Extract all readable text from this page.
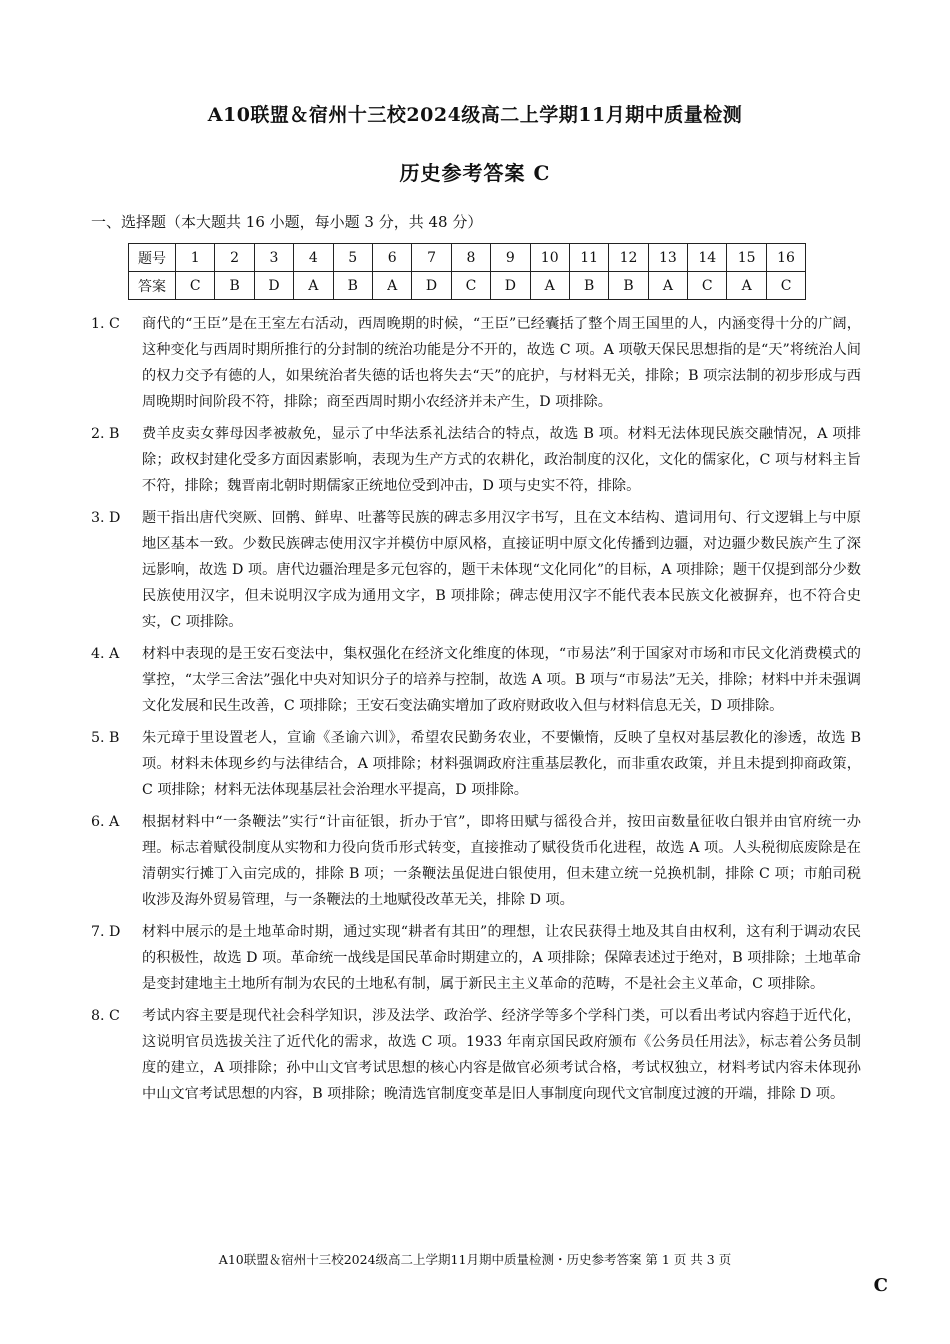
A10联盟＆宿州十三校2024级高二上学期11月期中质量检测
历史参考答案 C
一、选择题（本大题共 16 小题，每小题 3 分，共 48 分）
题号	1	2	3	4	5	6	7	8	9	10	11	12	13	14	15	16
答案	C	B	D	A	B	A	D	C	D	A	B	B	A	C	A	C
1. C	商代的“王臣”是在王室左右活动，西周晚期的时候，“王臣”已经囊括了整个周王国里的人，内涵变得十分的广阔，这种变化与西周时期所推行的分封制的统治功能是分不开的，故选 C 项。A 项敬天保民思想指的是“天”将统治人间的权力交予有德的人，如果统治者失德的话也将失去“天”的庇护，与材料无关，排除；B 项宗法制的初步形成与西周晚期时间阶段不符，排除；商至西周时期小农经济并未产生，D 项排除。
2. B	费羊皮卖女葬母因孝被赦免，显示了中华法系礼法结合的特点，故选 B 项。材料无法体现民族交融情况，A 项排除；政权封建化受多方面因素影响，表现为生产方式的农耕化，政治制度的汉化，文化的儒家化，C 项与材料主旨不符，排除；魏晋南北朝时期儒家正统地位受到冲击，D 项与史实不符，排除。
3. D	题干指出唐代突厥、回鹘、鲜卑、吐蕃等民族的碑志多用汉字书写，且在文本结构、遣词用句、行文逻辑上与中原地区基本一致。少数民族碑志使用汉字并模仿中原风格，直接证明中原文化传播到边疆，对边疆少数民族产生了深远影响，故选 D 项。唐代边疆治理是多元包容的，题干未体现“文化同化”的目标，A 项排除；题干仅提到部分少数民族使用汉字，但未说明汉字成为通用文字，B 项排除；碑志使用汉字不能代表本民族文化被摒弃，也不符合史实，C 项排除。
4. A	材料中表现的是王安石变法中，集权强化在经济文化维度的体现，“市易法”利于国家对市场和市民文化消费模式的掌控，“太学三舍法”强化中央对知识分子的培养与控制，故选 A 项。B 项与“市易法”无关，排除；材料中并未强调文化发展和民生改善，C 项排除；王安石变法确实增加了政府财政收入但与材料信息无关，D 项排除。
5. B	朱元璋于里设置老人，宣谕《圣谕六训》，希望农民勤务农业，不要懒惰，反映了皇权对基层教化的渗透，故选 B 项。材料未体现乡约与法律结合，A 项排除；材料强调政府注重基层教化，而非重农政策，并且未提到抑商政策，C 项排除；材料无法体现基层社会治理水平提高，D 项排除。
6. A	根据材料中“一条鞭法”实行“计亩征银，折办于官”，即将田赋与徭役合并，按田亩数量征收白银并由官府统一办理。标志着赋役制度从实物和力役向货币形式转变，直接推动了赋役货币化进程，故选 A 项。人头税彻底废除是在清朝实行摊丁入亩完成的，排除 B 项；一条鞭法虽促进白银使用，但未建立统一兑换机制，排除 C 项；市舶司税收涉及海外贸易管理，与一条鞭法的土地赋役改革无关，排除 D 项。
7. D	材料中展示的是土地革命时期，通过实现“耕者有其田”的理想，让农民获得土地及其自由权利，这有利于调动农民的积极性，故选 D 项。革命统一战线是国民革命时期建立的，A 项排除；保障表述过于绝对，B 项排除；土地革命是变封建地主土地所有制为农民的土地私有制，属于新民主主义革命的范畴，不是社会主义革命，C 项排除。
8. C	考试内容主要是现代社会科学知识，涉及法学、政治学、经济学等多个学科门类，可以看出考试内容趋于近代化，这说明官员选拔关注了近代化的需求，故选 C 项。1933 年南京国民政府颁布《公务员任用法》，标志着公务员制度的建立，A 项排除；孙中山文官考试思想的核心内容是做官必须考试合格，考试权独立，材料考试内容未体现孙中山文官考试思想的内容，B 项排除；晚清选官制度变革是旧人事制度向现代文官制度过渡的开端，排除 D 项。
A10联盟＆宿州十三校2024级高二上学期11月期中质量检测・历史参考答案 第 1 页 共 3 页
C
